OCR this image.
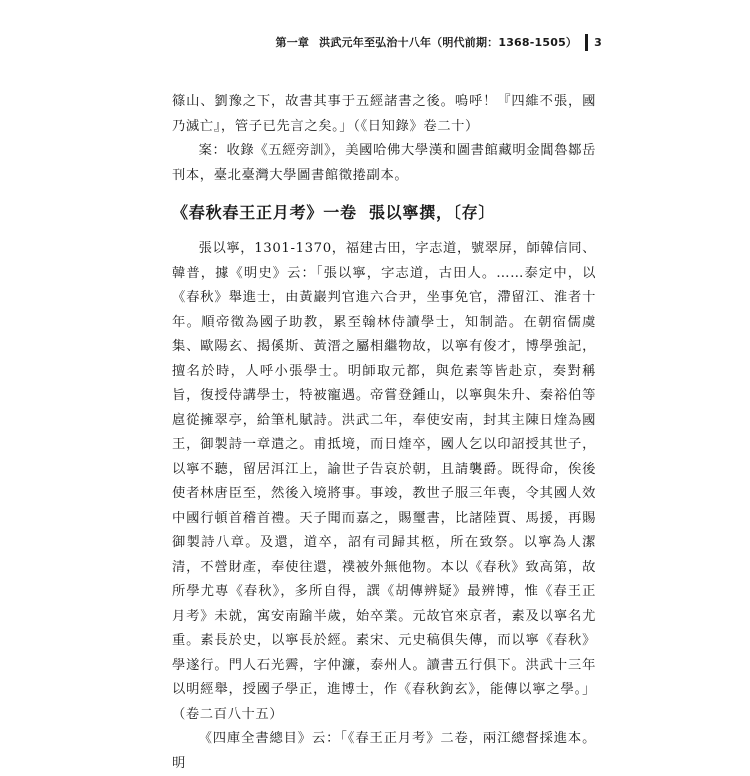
第一章 洪武元年至弘治十八年（明代前期：1368-1505） 3

篠山、劉豫之下，故書其事于五經諸書之後。嗚呼！『四維不張，國乃滅亡』，管子已先言之矣。」（《日知錄》卷二十）

案：收錄《五經旁訓》，美國哈佛大學漢和圖書館藏明金閶魯鄒岳刊本，臺北臺灣大學圖書館徵捲副本。

《春秋春王正月考》一卷 張以寧撰，〔存〕

張以寧，1301-1370，福建古田，字志道，號翠屏，師韓信同、韓普，據《明史》云：「張以寧，字志道，古田人。……泰定中，以《春秋》舉進士，由黃巖判官進六合尹，坐事免官，滯留江、淮者十年。順帝徵為國子助教，累至翰林侍讀學士，知制誥。在朝宿儒虞集、歐陽玄、揭傒斯、黃溍之屬相繼物故，以寧有俊才，博學強記，擅名於時，人呼小張學士。明師取元都，與危素等皆赴京，奏對稱旨，復授侍講學士，特被寵遇。帝嘗登鍾山，以寧與朱升、秦裕伯等扈從擁翠亭，給筆札賦詩。洪武二年，奉使安南，封其主陳日煃為國王，御製詩一章遣之。甫抵境，而日煃卒，國人乞以印詔授其世子，以寧不聽，留居洱江上，諭世子告哀於朝，且請襲爵。既得命，俟後使者林唐臣至，然後入境將事。事竣，教世子服三年喪，令其國人效中國行頓首稽首禮。天子聞而嘉之，賜璽書，比諸陸賈、馬援，再賜御製詩八章。及還，道卒，詔有司歸其柩，所在致祭。以寧為人潔清，不營財產，奉使往還，襆被外無他物。本以《春秋》致高第，故所學尤專《春秋》，多所自得，譔《胡傳辨疑》最辨博，惟《春王正月考》未就，寓安南踰半歲，始卒業。元故官來京者，素及以寧名尤重。素長於史，以寧長於經。素宋、元史稿俱失傳，而以寧《春秋》學遂行。門人石光霽，字仲濂，泰州人。讀書五行俱下。洪武十三年以明經舉，授國子學正，進博士，作《春秋鉤玄》，能傳以寧之學。」（卷二百八十五）

《四庫全書總目》云：「《春王正月考》二卷，兩江總督採進本。明
